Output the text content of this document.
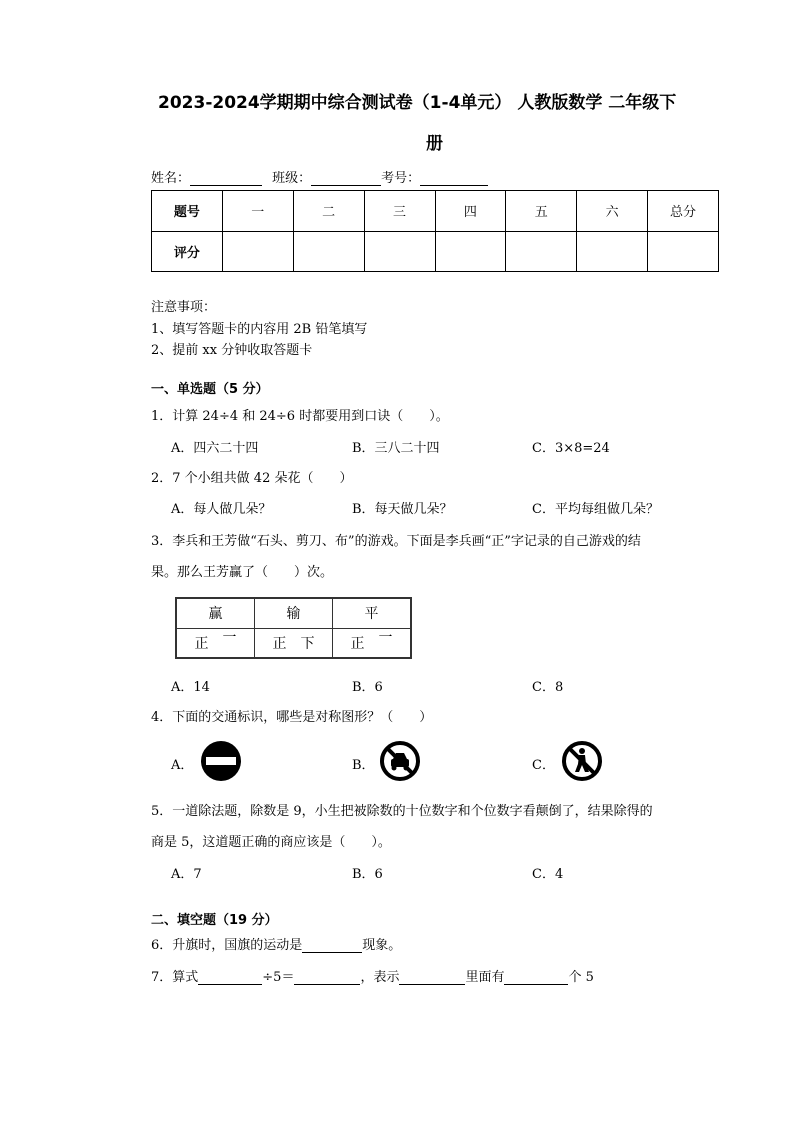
2023-2024学期期中综合测试卷（1-4单元） 人教版数学 二年级下
册
姓名：	班级：	考号：
题号	一	二	三	四	五	六	总分
评分							
注意事项：
1、填写答题卡的内容用 2B 铅笔填写
2、提前 xx 分钟收取答题卡
一、单选题（5 分）
1．计算 24÷4 和 24÷6 时都要用到口诀（　　）。
A．四六二十四	B．三八二十四	C．3×8=24
2．7 个小组共做 42 朵花（　　）
A．每人做几朵？	B．每天做几朵？	C．平均每组做几朵？
3．李兵和王芳做“石头、剪刀、布”的游戏。下面是李兵画“正”字记录的自己游戏的结
果。那么王芳赢了（　　）次。
赢	输	平

正 一	正 下	正 一
A．14	B．6	C．8
4．下面的交通标识，哪些是对称图形？（　　）
A．	B．	C．
5．一道除法题，除数是 9，小生把被除数的十位数字和个位数字看颠倒了，结果除得的
商是 5，这道题正确的商应该是（　　）。
A．7	B．6	C．4
二、填空题（19 分）
6．升旗时，国旗的运动是	现象。
7．算式	÷5＝	，表示	里面有	个 5
